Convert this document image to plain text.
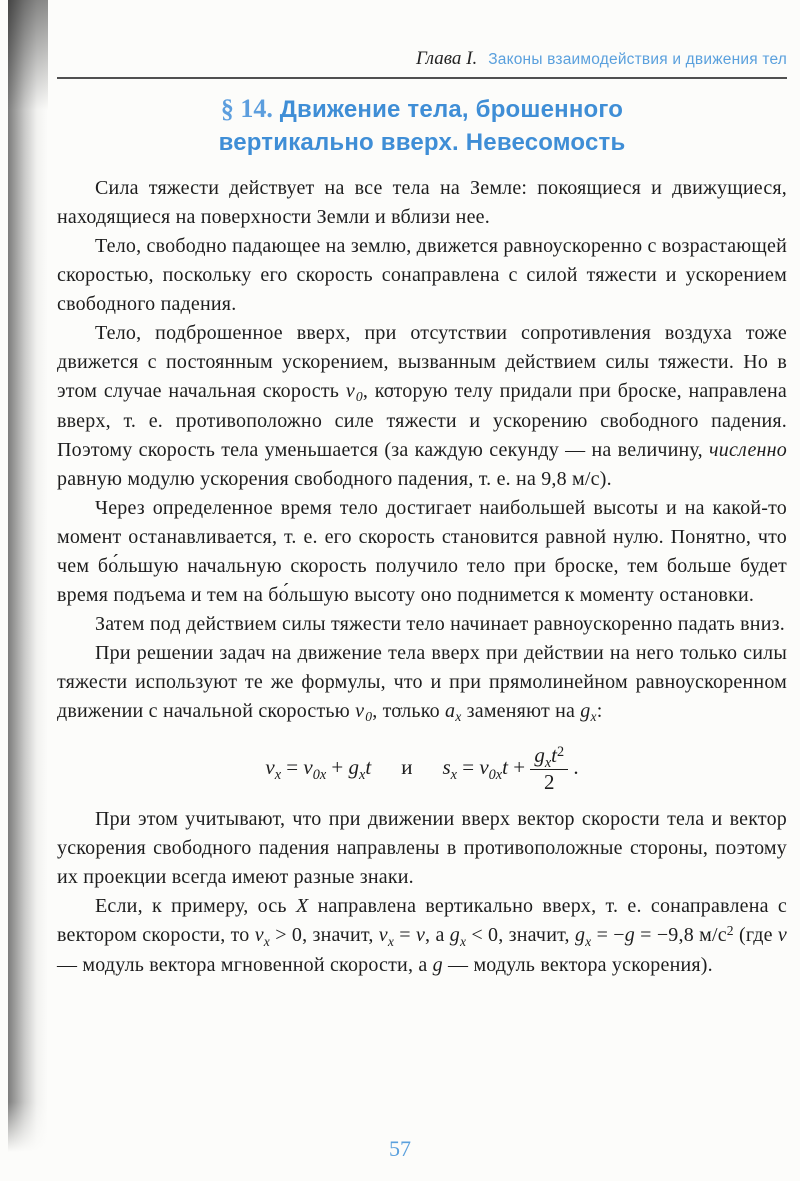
Глава I. Законы взаимодействия и движения тел
§ 14. Движение тела, брошенного
вертикально вверх. Невесомость

Сила тяжести действует на все тела на Земле: покоящиеся и движущиеся, находящиеся на поверхности Земли и вблизи нее.

Тело, свободно падающее на землю, движется равноускоренно с возрастающей скоростью, поскольку его скорость сонаправлена с силой тяжести и ускорением свободного падения.

Тело, подброшенное вверх, при отсутствии сопротивления воздуха тоже движется с постоянным ускорением, вызванным действием силы тяжести. Но в этом случае начальная скорость $v \to_0$, которую телу придали при броске, направлена вверх, т. е. противоположно силе тяжести и ускорению свободного падения. Поэтому скорость тела уменьшается (за каждую секунду — на величину, численно равную модулю ускорения свободного падения, т. е. на 9,8 м/с).

Через определенное время тело достигает наибольшей высоты и на какой-то момент останавливается, т. е. его скорость становится равной нулю. Понятно, что чем бо́льшую начальную скорость получило тело при броске, тем больше будет время подъема и тем на бо́льшую высоту оно поднимется к моменту остановки.

Затем под действием силы тяжести тело начинает равноускоренно падать вниз.

При решении задач на движение тела вверх при действии на него только силы тяжести используют те же формулы, что и при прямолинейном равноускоренном движении с начальной скоростью $v \to_0$, только $a_x$ заменяют на $g_x$:

$v_x = v_{0x} + g_xt$ и $s_x = v_{0x}t + \frac{g_xt^2}{2}$ .

При этом учитывают, что при движении вверх вектор скорости тела и вектор ускорения свободного падения направлены в противоположные стороны, поэтому их проекции всегда имеют разные знаки.

Если, к примеру, ось X направлена вертикально вверх, т. е. сонаправлена с вектором скорости, то $v_x > 0$, значит, $v_x = v$, а $g_x < 0$, значит, $g_x = -g = -9,8$ $м/с^2$ (где v — модуль вектора мгновенной скорости, а g — модуль вектора ускорения).

57
